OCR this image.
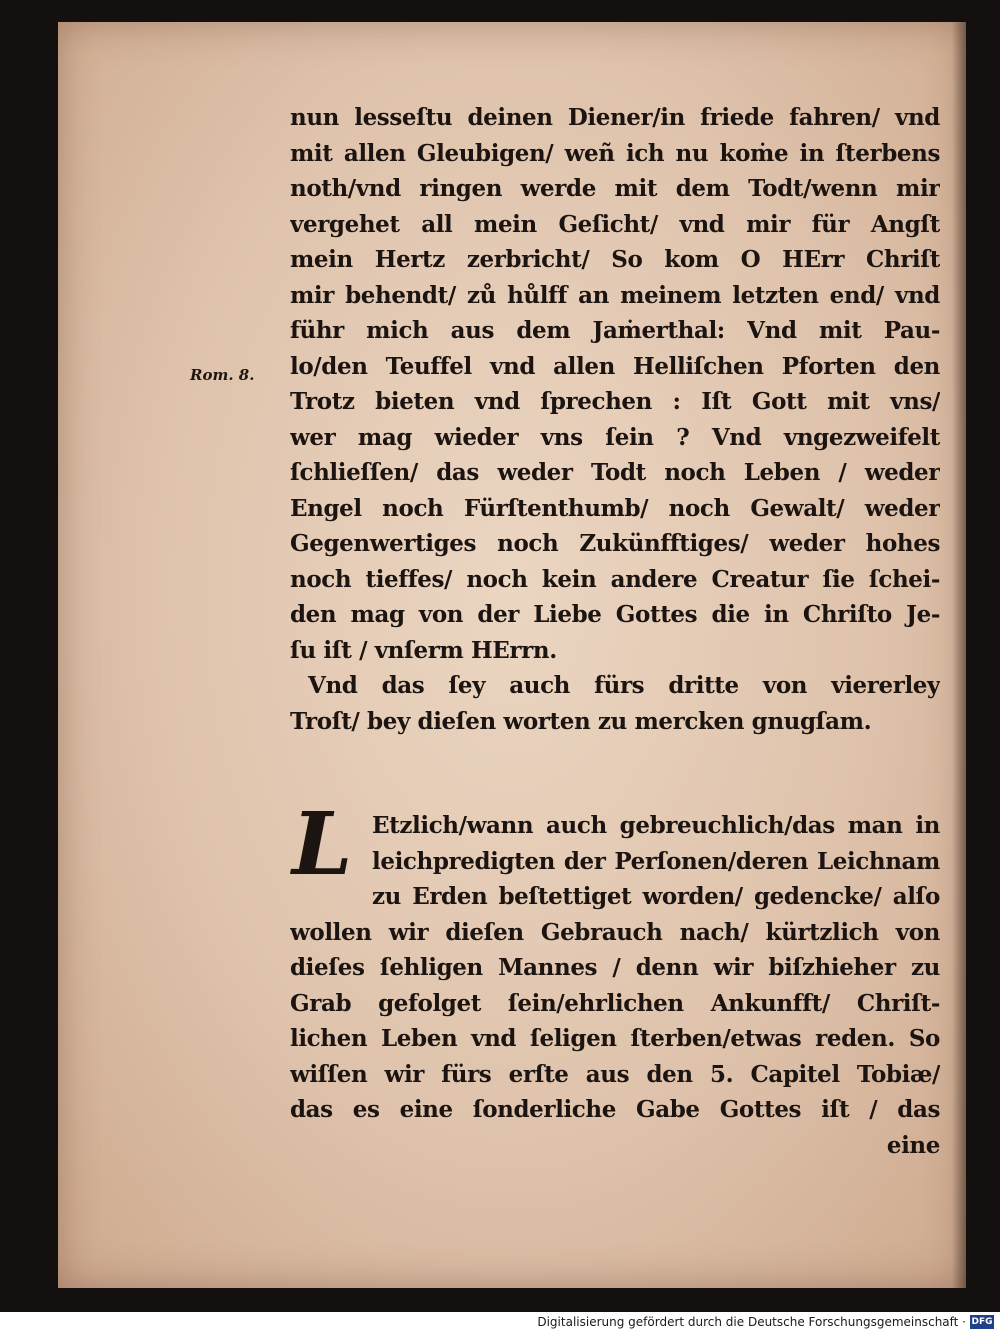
Rom. 8.
nun lesseſtu deinen Diener/in friede fahren/ vnd
mit allen Gleubigen/ weñ ich nu koṁe in ſterbens
noth/vnd ringen werde mit dem Todt/wenn mir
vergehet all mein Geſicht/ vnd mir für Angſt
mein Hertz zerbricht/ So kom O HErr Chriſt
mir behendt/ zů hůlff an meinem letzten end/ vnd
führ mich aus dem Jaṁerthal: Vnd mit Pau-
lo/den Teuffel vnd allen Helliſchen Pforten den
Trotz bieten vnd ſprechen : Iſt Gott mit vns/
wer mag wieder vns ſein ? Vnd vngezweifelt
ſchlieſſen/ das weder Todt noch Leben / weder
Engel noch Fürſtenthumb/ noch Gewalt/ weder
Gegenwertiges noch Zukünfftiges/ weder hohes
noch tieffes/ noch kein andere Creatur ſie ſchei-
den mag von der Liebe Gottes die in Chriſto Je-
ſu iſt / vnſerm HErrn.
Vnd das ſey auch fürs dritte von viererley
Troſt/ bey dieſen worten zu mercken gnugſam.
L Etzlich/wann auch gebreuchlich/das man in
leichpredigten der Perſonen/deren Leichnam
zu Erden beſtettiget worden/ gedencke/ alſo
wollen wir dieſen Gebrauch nach/ kürtzlich von
dieſes ſehligen Mannes / denn wir biſzhieher zu
Grab gefolget ſein/ehrlichen Ankunfft/ Chriſt-
lichen Leben vnd ſeligen ſterben/etwas reden. So
wiſſen wir fürs erſte aus den 5. Capitel Tobiæ/
das es eine ſonderliche Gabe Gottes iſt / das
eine
Digitalisierung gefördert durch die Deutsche Forschungsgemeinschaft · DFG
